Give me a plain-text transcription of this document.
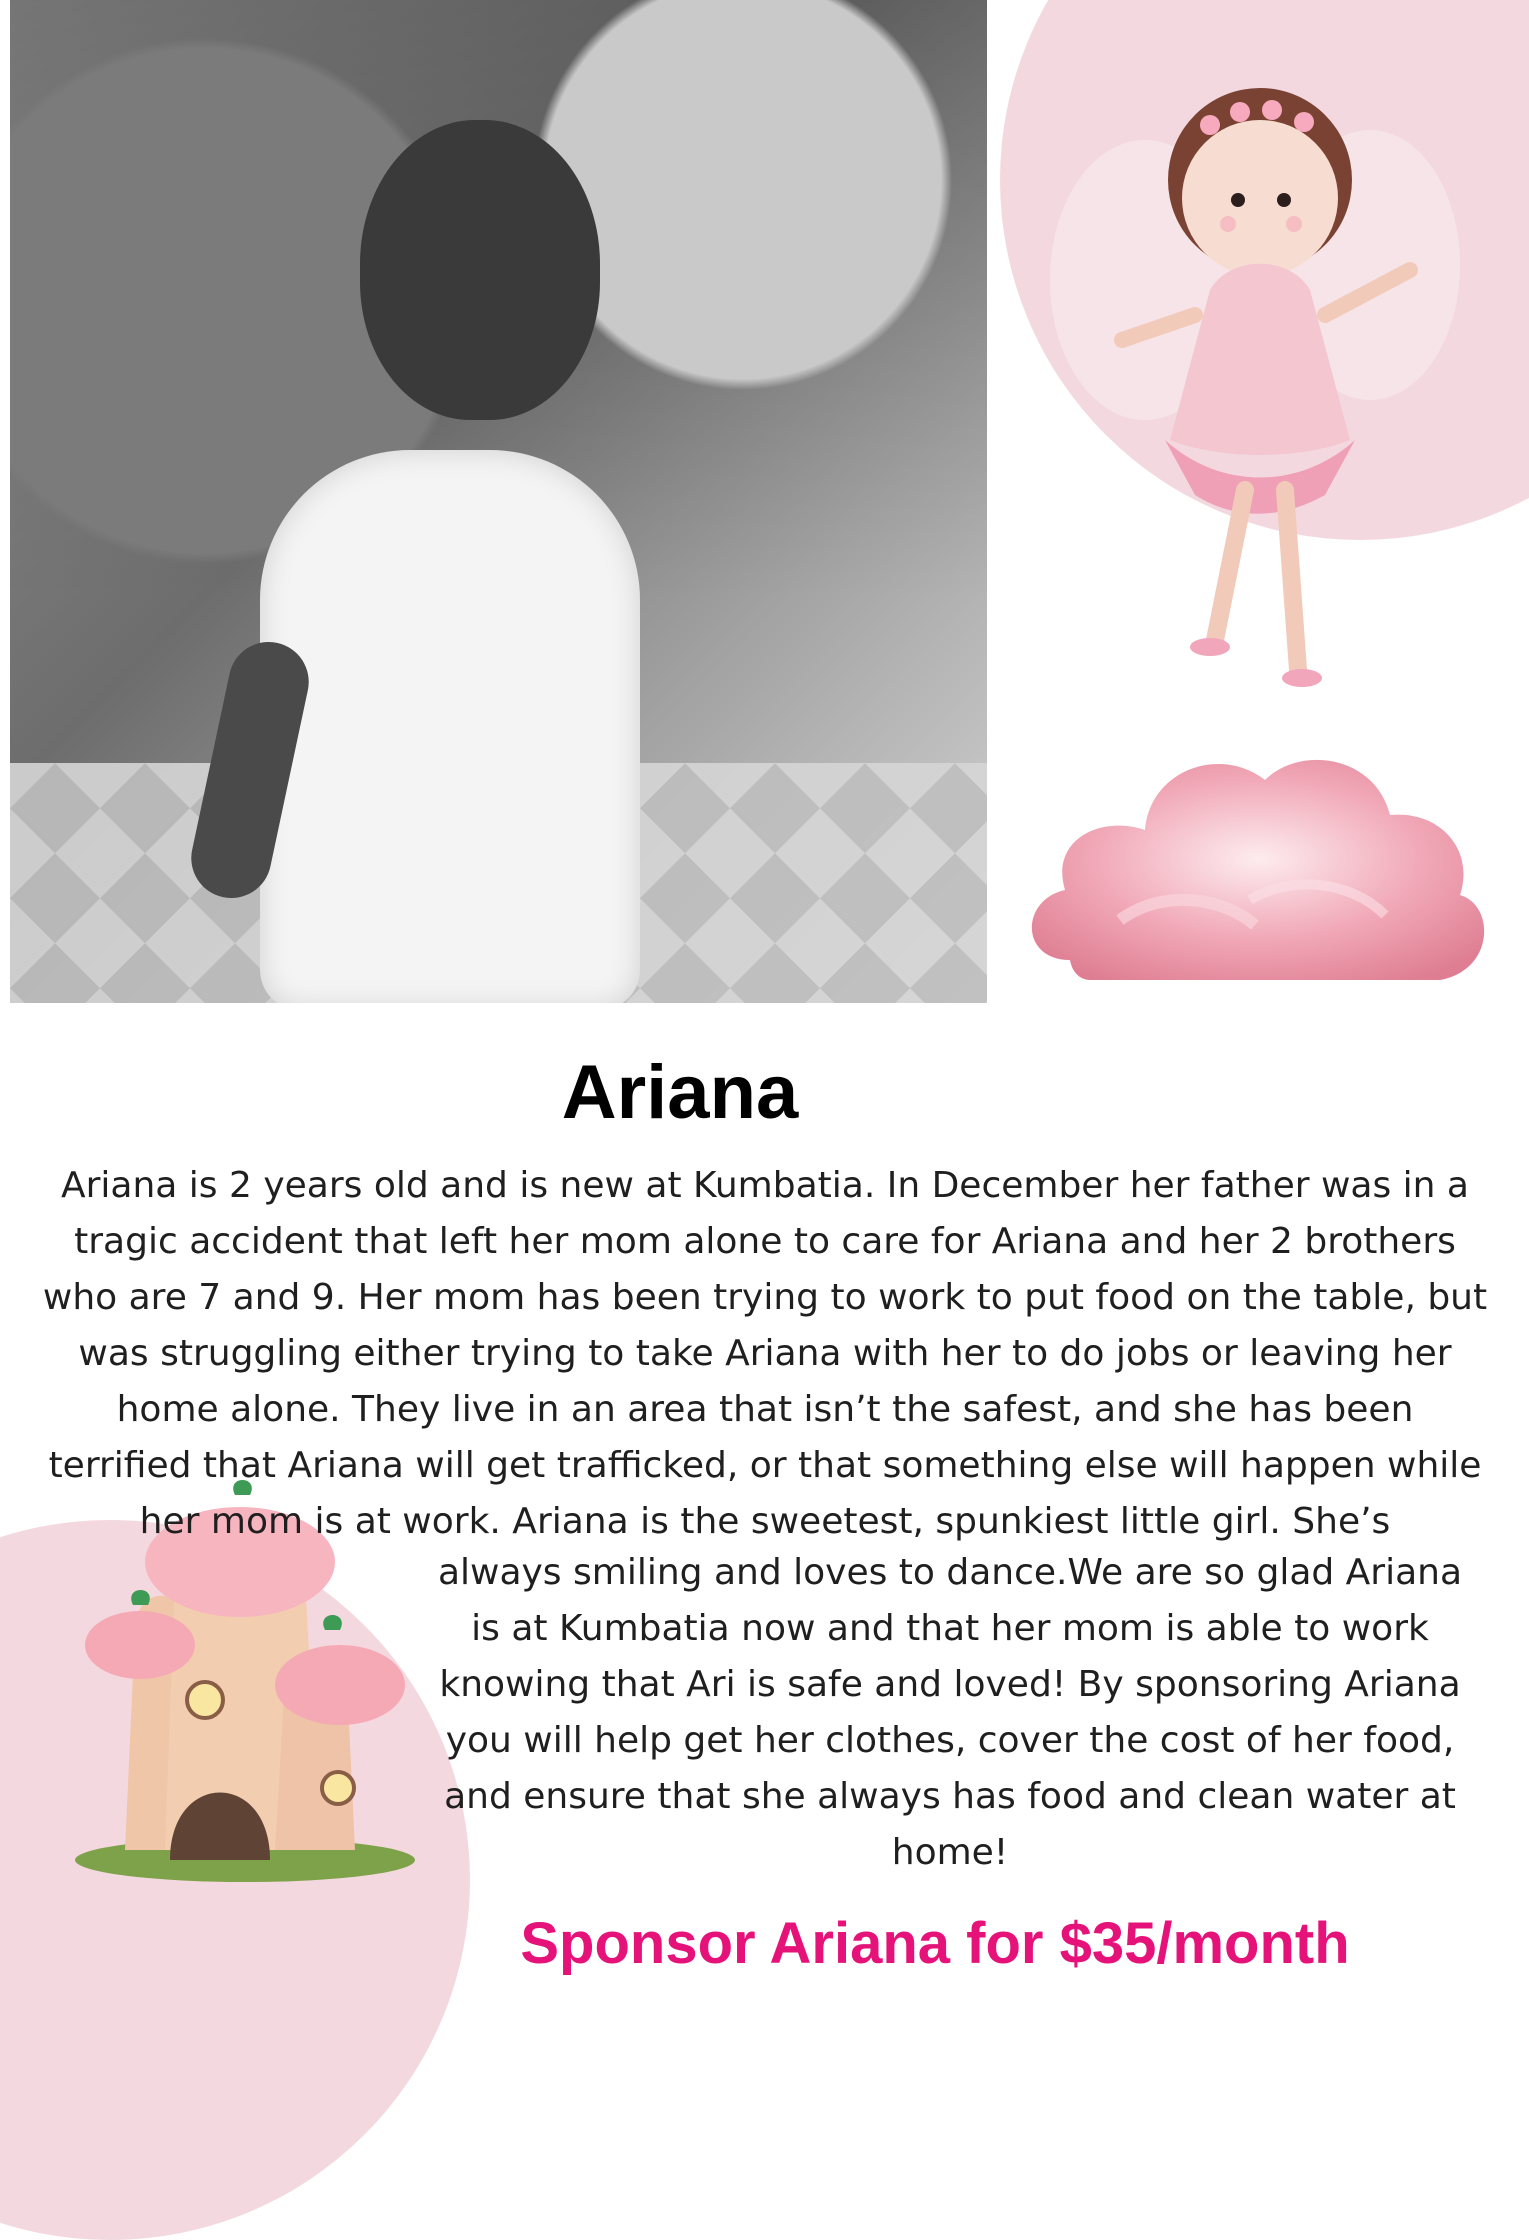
Ariana

Ariana is 2 years old and is new at Kumbatia. In December her father was in a tragic accident that left her mom alone to care for Ariana and her 2 brothers who are 7 and 9. Her mom has been trying to work to put food on the table, but was struggling either trying to take Ariana with her to do jobs or leaving her home alone. They live in an area that isn’t the safest, and she has been terrified that Ariana will get trafficked, or that something else will happen while her mom is at work. Ariana is the sweetest, spunkiest little girl. She’s

always smiling and loves to dance.We are so glad Ariana is at Kumbatia now and that her mom is able to work knowing that Ari is safe and loved! By sponsoring Ariana you will help get her clothes, cover the cost of her food, and ensure that she always has food and clean water at home!

Sponsor Ariana for $35/month
